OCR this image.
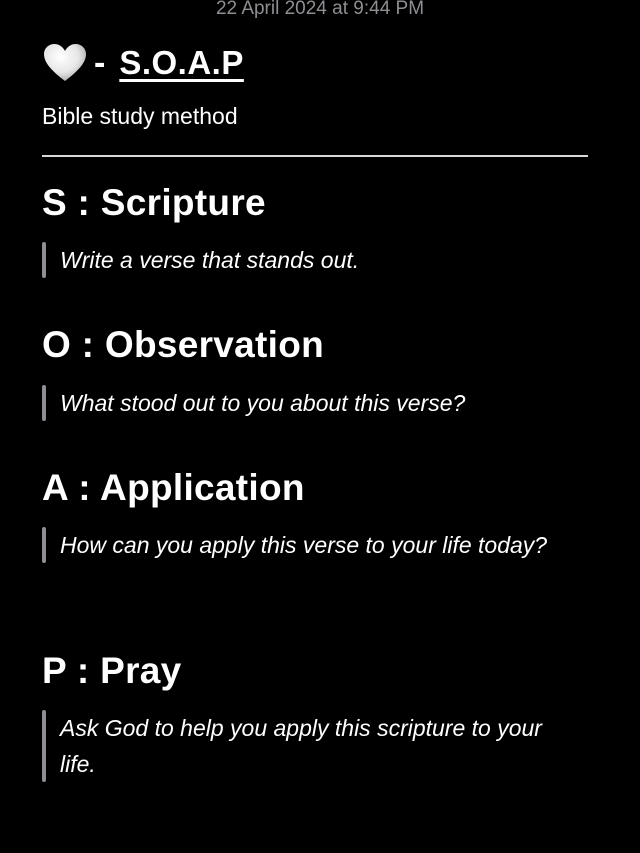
22 April 2024 at 9:44 PM
- S.O.A.P
Bible study method
S : Scripture
Write a verse that stands out.
O : Observation
What stood out to you about this verse?
A : Application
How can you apply this verse to your life today?
P : Pray
Ask God to help you apply this scripture to your life.
